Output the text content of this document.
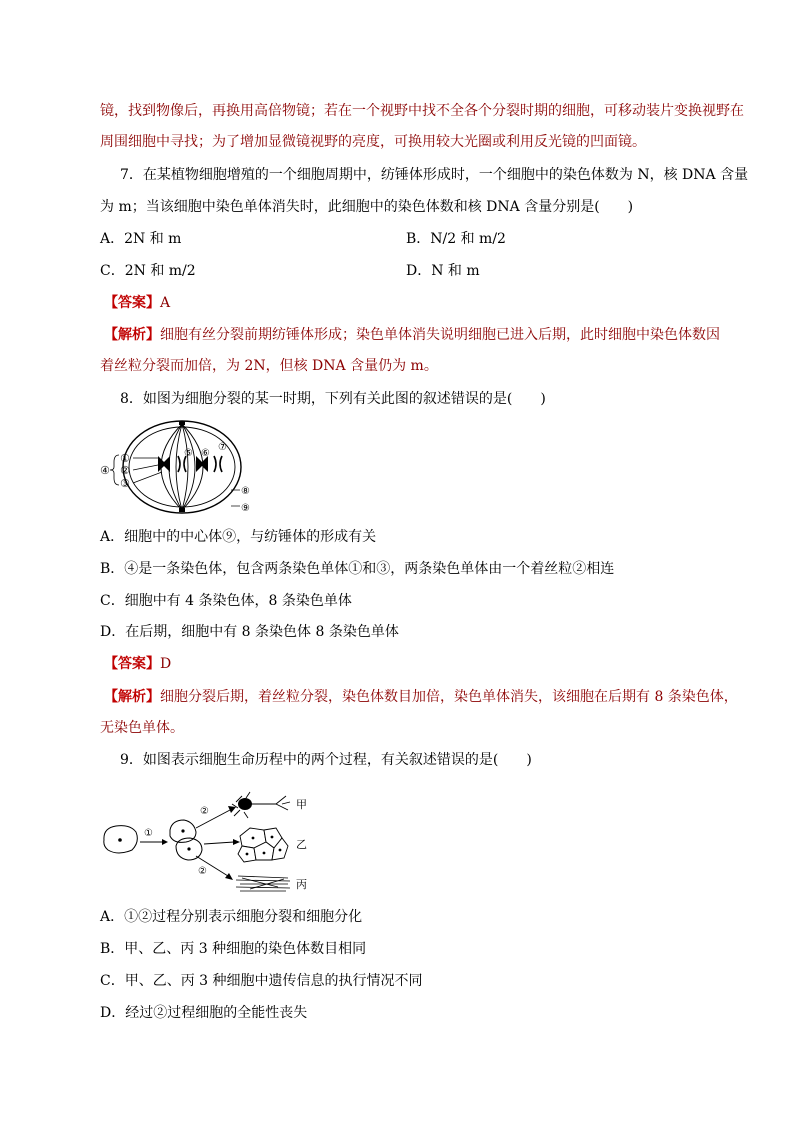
镜，找到物像后，再换用高倍物镜；若在一个视野中找不全各个分裂时期的细胞，可移动装片变换视野在
周围细胞中寻找；为了增加显微镜视野的亮度，可换用较大光圈或利用反光镜的凹面镜。
7．在某植物细胞增殖的一个细胞周期中，纺锤体形成时，一个细胞中的染色体数为 N，核 DNA 含量
为 m；当该细胞中染色单体消失时，此细胞中的染色体数和核 DNA 含量分别是(　　)
A．2N 和 m	B．N/2 和 m/2
C．2N 和 m/2	D．N 和 m
【答案】A
【解析】细胞有丝分裂前期纺锤体形成；染色单体消失说明细胞已进入后期，此时细胞中染色体数因
着丝粒分裂而加倍，为 2N，但核 DNA 含量仍为 m。
8．如图为细胞分裂的某一时期，下列有关此图的叙述错误的是(　　)
①
②
③
④
⑤ ⑥
⑦
⑧
⑨
A．细胞中的中心体⑨，与纺锤体的形成有关
B．④是一条染色体，包含两条染色单体①和③，两条染色单体由一个着丝粒②相连
C．细胞中有 4 条染色体，8 条染色单体
D．在后期，细胞中有 8 条染色体 8 条染色单体
【答案】D
【解析】细胞分裂后期，着丝粒分裂，染色体数目加倍，染色单体消失，该细胞在后期有 8 条染色体，
无染色单体。
9．如图表示细胞生命历程中的两个过程，有关叙述错误的是(　　)
①
②
②
甲
乙
丙
A．①②过程分别表示细胞分裂和细胞分化
B．甲、乙、丙 3 种细胞的染色体数目相同
C．甲、乙、丙 3 种细胞中遗传信息的执行情况不同
D．经过②过程细胞的全能性丧失
